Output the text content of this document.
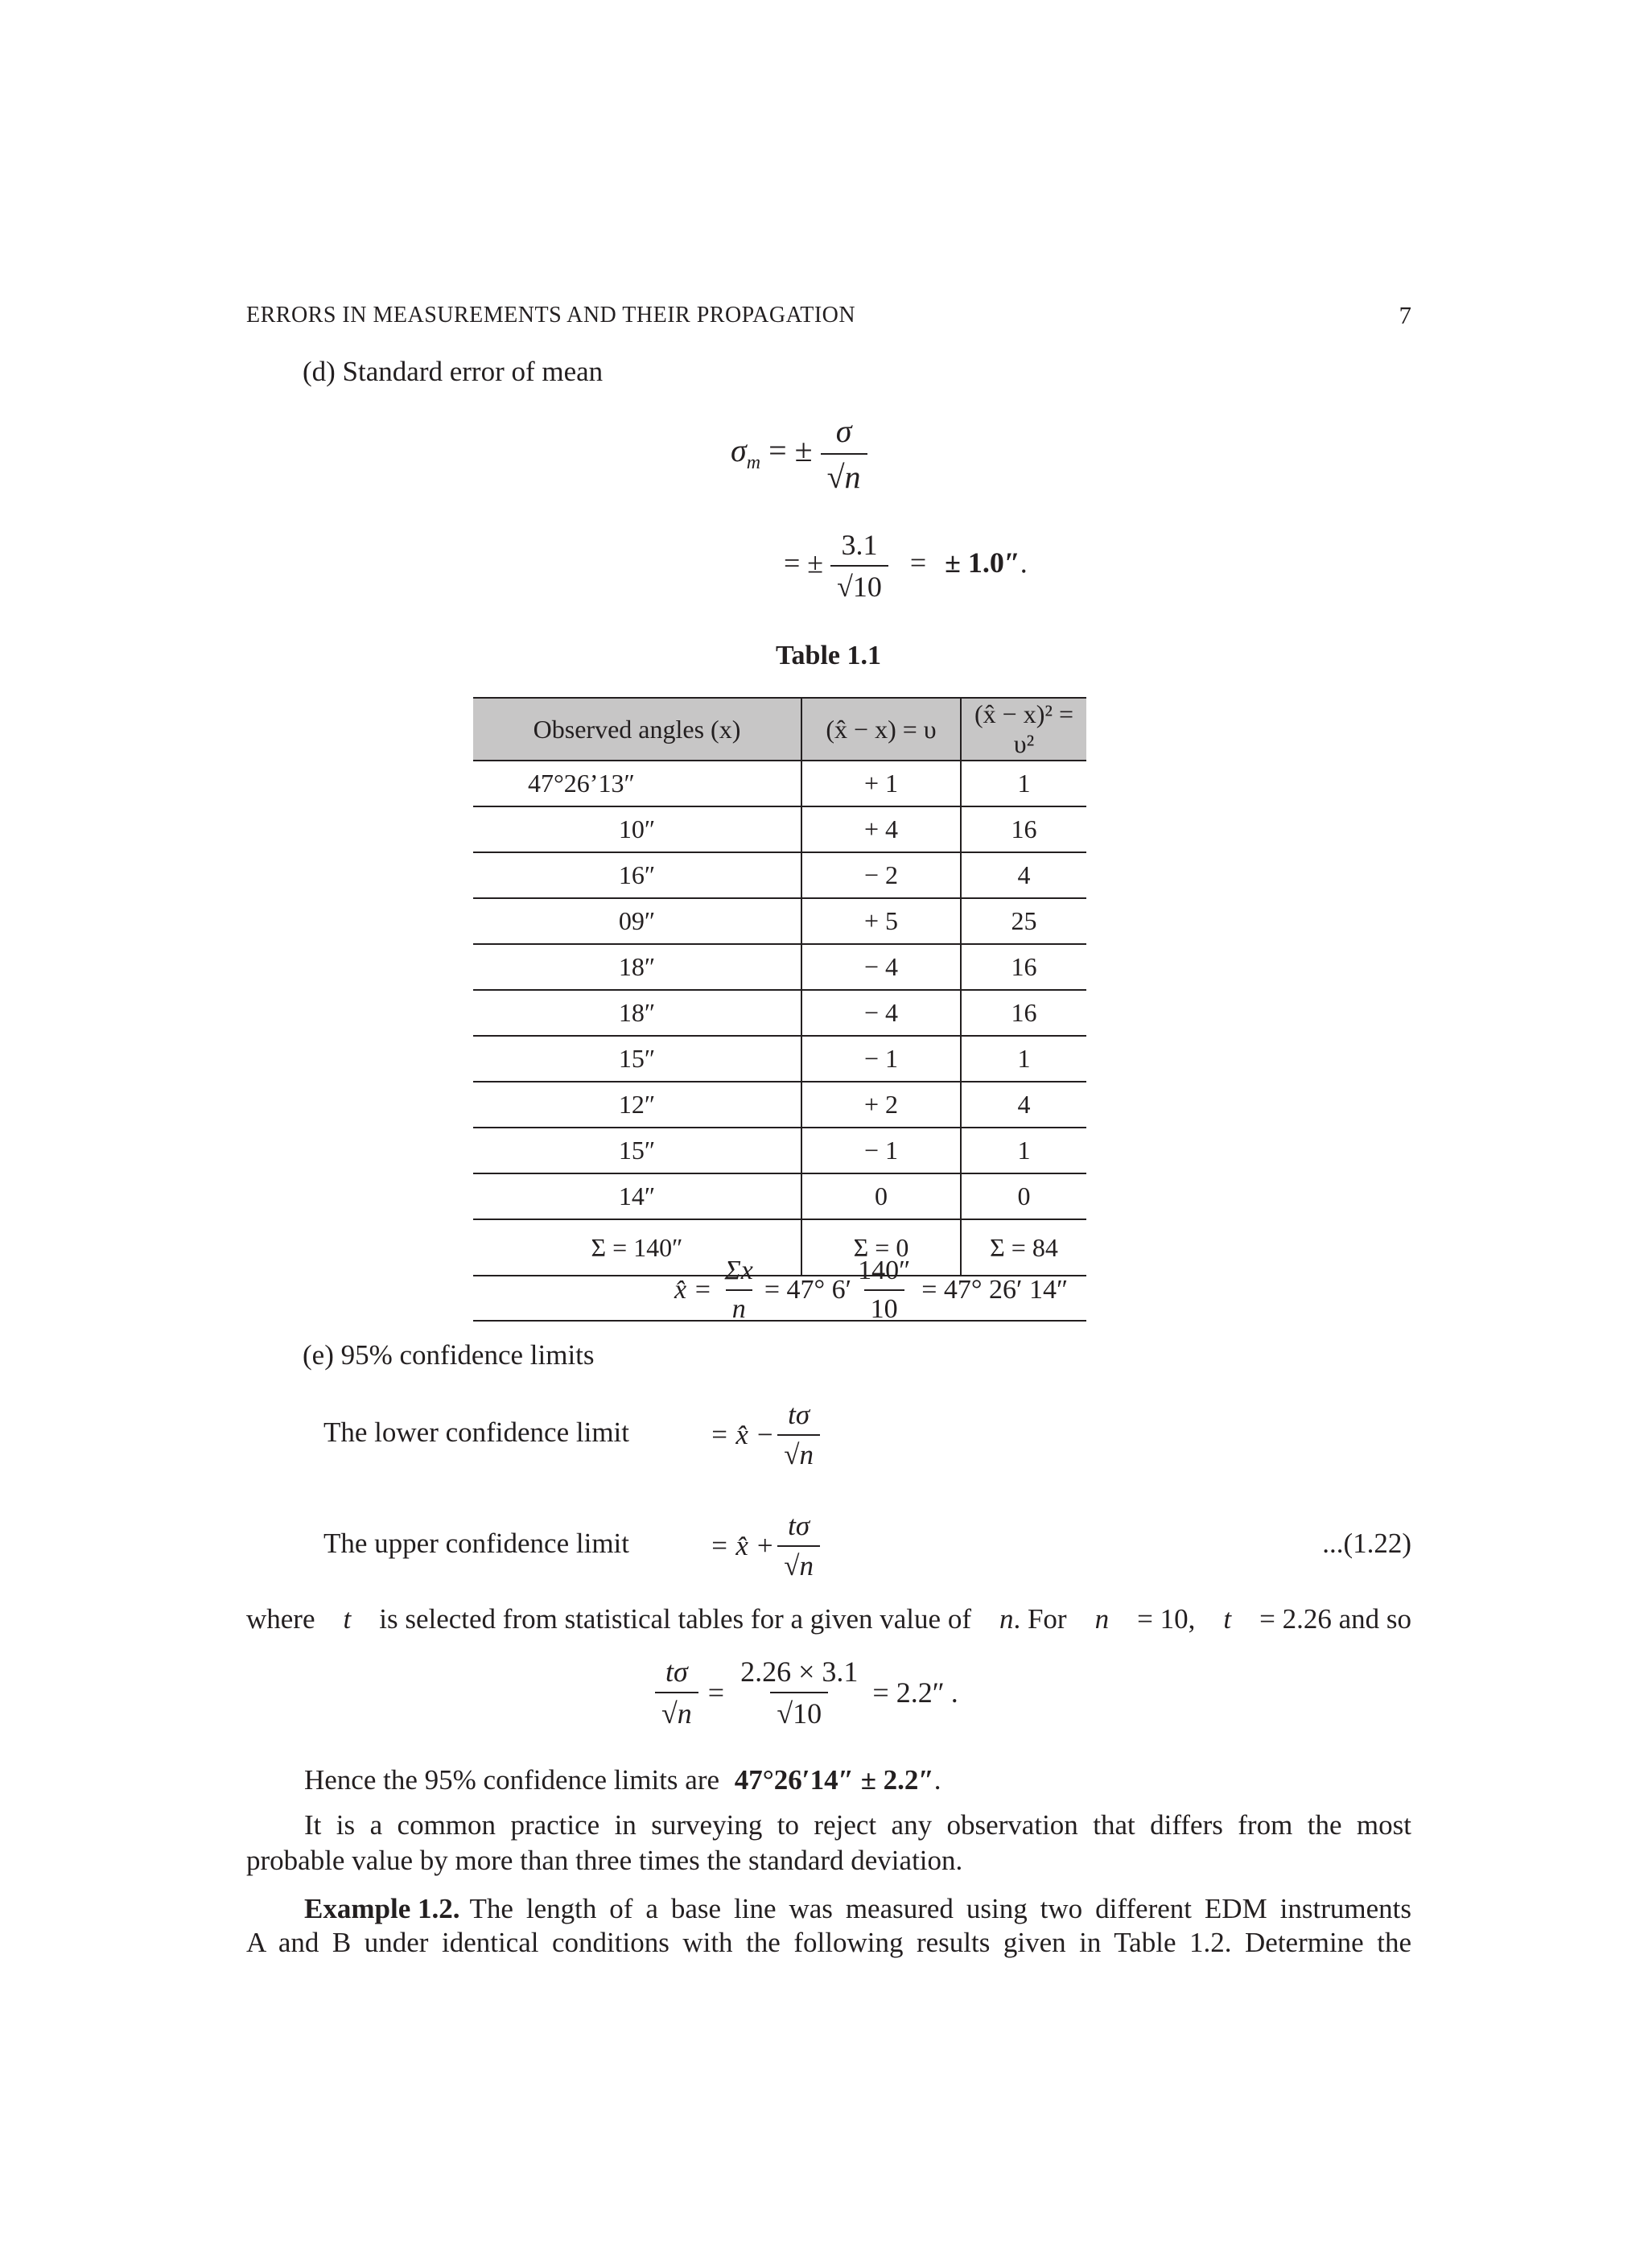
ERRORS IN MEASUREMENTS AND THEIR PROPAGATION	7
(d) Standard error of mean
$\sigma_m$ = ± $\frac{\sigma}{√n}$
= ± $\frac{3.1}{√10}$ = ± 1.0″.
Table 1.1
Observed angles (x)	(x̂ − x) = υ	(x̂ − x)² = υ²
47°26’13″	+ 1	1
10″	+ 4	16
16″	− 2	4
09″	+ 5	25
18″	− 4	16
18″	− 4	16
15″	− 1	1
12″	+ 2	4
15″	− 1	1
14″	0	0
Σ = 140″	Σ = 0	Σ = 84
x̂ = $\frac{\Sigma x}{n} = 47^\circ$ $6' \frac{140''}{10} = 47^\circ$ 26′ 14″
(e) 95% confidence limits
The lower confidence limit	= x̂ − $\frac{t\sigma}{√n}$
The upper confidence limit	= x̂ + $\frac{t\sigma}{√n}$	...(1.22)
where t is selected from statistical tables for a given value of n. For n = 10, t = 2.26 and so
$\frac{t\sigma}{√n} = \frac{2.26 \times 3.1}{√10} = 2.2''$ .
Hence the 95% confidence limits are 47°26′14″ ± 2.2″.
It is a common practice in surveying to reject any observation that differs from the most
probable value by more than three times the standard deviation.
Example 1.2. The length of a base line was measured using two different EDM instruments
A and B under identical conditions with the following results given in Table 1.2. Determine the
